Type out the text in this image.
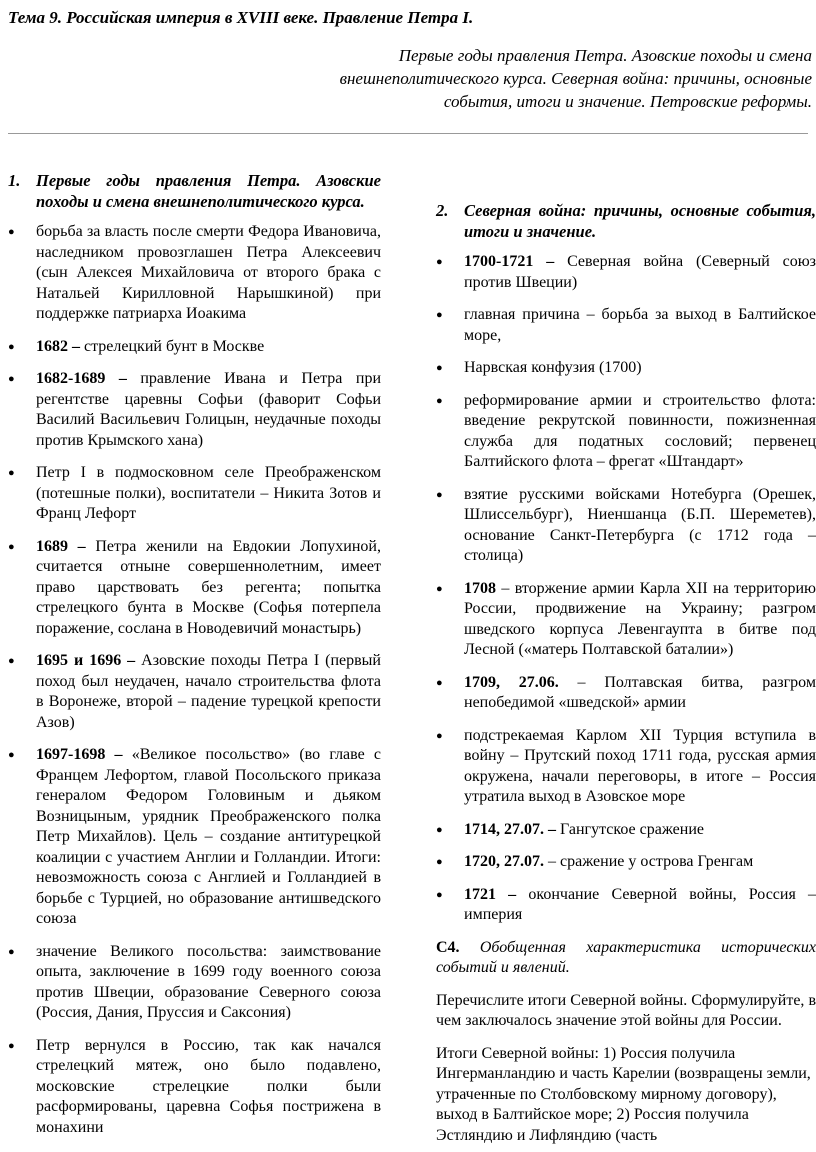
Тема 9. Российская империя в XVIII веке. Правление Петра I.
Первые годы правления Петра. Азовские походы и смена внешнеполитического курса. Северная война: причины, основные события, итоги и значение. Петровские реформы.
1. Первые годы правления Петра. Азовские походы и смена внешнеполитического курса.
●	борьба за власть после смерти Федора Ивановича, наследником провозглашен Петра Алексеевич (сын Алексея Михайловича от второго брака с Натальей Кирилловной Нарышкиной) при поддержке патриарха Иоакима
●	1682 – стрелецкий бунт в Москве
●	1682-1689 – правление Ивана и Петра при регентстве царевны Софьи (фаворит Софьи Василий Васильевич Голицын, неудачные походы против Крымского хана)
●	Петр I в подмосковном селе Преображенском (потешные полки), воспитатели – Никита Зотов и Франц Лефорт
●	1689 – Петра женили на Евдокии Лопухиной, считается отныне совершеннолетним, имеет право царствовать без регента; попытка стрелецкого бунта в Москве (Софья потерпела поражение, сослана в Новодевичий монастырь)
●	1695 и 1696 – Азовские походы Петра I (первый поход был неудачен, начало строительства флота в Воронеже, второй – падение турецкой крепости Азов)
●	1697-1698 – «Великое посольство» (во главе с Францем Лефортом, главой Посольского приказа генералом Федором Головиным и дьяком Возницыным, урядник Преображенского полка Петр Михайлов). Цель – создание антитурецкой коалиции с участием Англии и Голландии. Итоги: невозможность союза с Англией и Голландией в борьбе с Турцией, но образование антишведского союза
●	значение Великого посольства: заимствование опыта, заключение в 1699 году военного союза против Швеции, образование Северного союза (Россия, Дания, Пруссия и Саксония)
●	Петр вернулся в Россию, так как начался стрелецкий мятеж, оно было подавлено, московские стрелецкие полки были расформированы, царевна Софья пострижена в монахини
2. Северная война: причины, основные события, итоги и значение.
●	1700-1721 – Северная война (Северный союз против Швеции)
●	главная причина – борьба за выход в Балтийское море,
●	Нарвская конфузия (1700)
●	реформирование армии и строительство флота: введение рекрутской повинности, пожизненная служба для податных сословий; первенец Балтийского флота – фрегат «Штандарт»
●	взятие русскими войсками Нотебурга (Орешек, Шлиссельбург), Ниеншанца (Б.П. Шереметев), основание Санкт-Петербурга (с 1712 года – столица)
●	1708 – вторжение армии Карла XII на территорию России, продвижение на Украину; разгром шведского корпуса Левенгаупта в битве под Лесной («матерь Полтавской баталии»)
●	1709, 27.06. – Полтавская битва, разгром непобедимой «шведской» армии
●	подстрекаемая Карлом XII Турция вступила в войну – Прутский поход 1711 года, русская армия окружена, начали переговоры, в итоге – Россия утратила выход в Азовское море
●	1714, 27.07. – Гангутское сражение
●	1720, 27.07. – сражение у острова Гренгам
●	1721 – окончание Северной войны, Россия – империя
С4. Обобщенная характеристика исторических событий и явлений.
Перечислите итоги Северной войны. Сформулируйте, в чем заключалось значение этой войны для России.
Итоги Северной войны: 1) Россия получила Ингерманландию и часть Карелии (возвращены земли, утраченные по Столбовскому мирному договору), выход в Балтийское море; 2) Россия получила Эстляндию и Лифляндию (часть
